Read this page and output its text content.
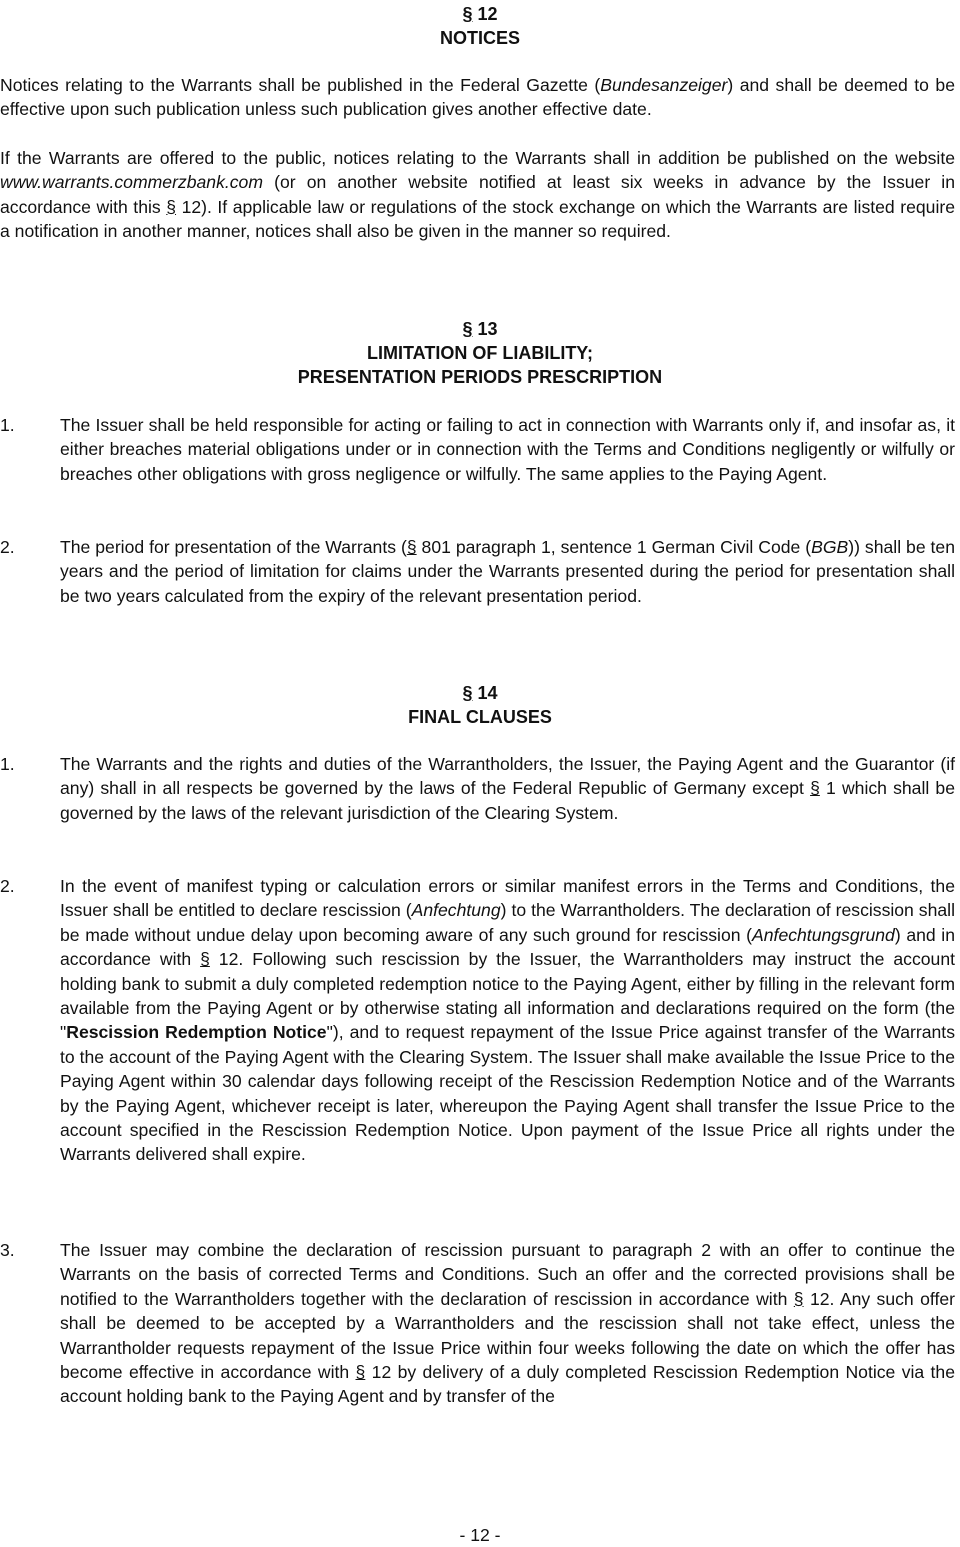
§ 12
NOTICES
Notices relating to the Warrants shall be published in the Federal Gazette (Bundesanzeiger) and shall be deemed to be effective upon such publication unless such publication gives another effective date.
If the Warrants are offered to the public, notices relating to the Warrants shall in addition be published on the website www.warrants.commerzbank.com (or on another website notified at least six weeks in advance by the Issuer in accordance with this § 12). If applicable law or regulations of the stock exchange on which the Warrants are listed require a notification in another manner, notices shall also be given in the manner so required.
§ 13
LIMITATION OF LIABILITY;
PRESENTATION PERIODS PRESCRIPTION
1.	The Issuer shall be held responsible for acting or failing to act in connection with Warrants only if, and insofar as, it either breaches material obligations under or in connection with the Terms and Conditions negligently or wilfully or breaches other obligations with gross negligence or wilfully. The same applies to the Paying Agent.
2.	The period for presentation of the Warrants (§ 801 paragraph 1, sentence 1 German Civil Code (BGB)) shall be ten years and the period of limitation for claims under the Warrants presented during the period for presentation shall be two years calculated from the expiry of the relevant presentation period.
§ 14
FINAL CLAUSES
1.	The Warrants and the rights and duties of the Warrantholders, the Issuer, the Paying Agent and the Guarantor (if any) shall in all respects be governed by the laws of the Federal Republic of Germany except § 1 which shall be governed by the laws of the relevant jurisdiction of the Clearing System.
2.	In the event of manifest typing or calculation errors or similar manifest errors in the Terms and Conditions, the Issuer shall be entitled to declare rescission (Anfechtung) to the Warrantholders. The declaration of rescission shall be made without undue delay upon becoming aware of any such ground for rescission (Anfechtungsgrund) and in accordance with § 12. Following such rescission by the Issuer, the Warrantholders may instruct the account holding bank to submit a duly completed redemption notice to the Paying Agent, either by filling in the relevant form available from the Paying Agent or by otherwise stating all information and declarations required on the form (the "Rescission Redemption Notice"), and to request repayment of the Issue Price against transfer of the Warrants to the account of the Paying Agent with the Clearing System. The Issuer shall make available the Issue Price to the Paying Agent within 30 calendar days following receipt of the Rescission Redemption Notice and of the Warrants by the Paying Agent, whichever receipt is later, whereupon the Paying Agent shall transfer the Issue Price to the account specified in the Rescission Redemption Notice. Upon payment of the Issue Price all rights under the Warrants delivered shall expire.
3.	The Issuer may combine the declaration of rescission pursuant to paragraph 2 with an offer to continue the Warrants on the basis of corrected Terms and Conditions. Such an offer and the corrected provisions shall be notified to the Warrantholders together with the declaration of rescission in accordance with § 12. Any such offer shall be deemed to be accepted by a Warrantholders and the rescission shall not take effect, unless the Warrantholder requests repayment of the Issue Price within four weeks following the date on which the offer has become effective in accordance with § 12 by delivery of a duly completed Rescission Redemption Notice via the account holding bank to the Paying Agent and by transfer of the
- 12 -
